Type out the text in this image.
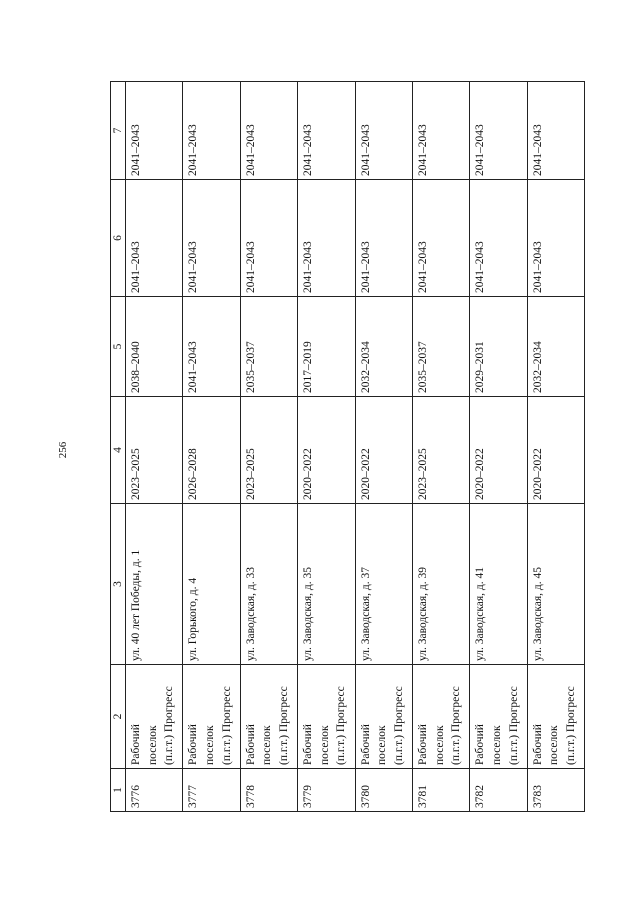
256
1	2	3	4	5	6	7
3776	Рабочий
поселок
(п.г.т.) Прогресс	ул. 40 лет Победы, д. 1	2023–2025	2038–2040	2041–2043	2041–2043
3777	Рабочий
поселок
(п.г.т.) Прогресс	ул. Горького, д. 4	2026–2028	2041–2043	2041–2043	2041–2043
3778	Рабочий
поселок
(п.г.т.) Прогресс	ул. Заводская, д. 33	2023–2025	2035–2037	2041–2043	2041–2043
3779	Рабочий
поселок
(п.г.т.) Прогресс	ул. Заводская, д. 35	2020–2022	2017–2019	2041–2043	2041–2043
3780	Рабочий
поселок
(п.г.т.) Прогресс	ул. Заводская, д. 37	2020–2022	2032–2034	2041–2043	2041–2043
3781	Рабочий
поселок
(п.г.т.) Прогресс	ул. Заводская, д. 39	2023–2025	2035–2037	2041–2043	2041–2043
3782	Рабочий
поселок
(п.г.т.) Прогресс	ул. Заводская, д. 41	2020–2022	2029–2031	2041–2043	2041–2043
3783	Рабочий
поселок
(п.г.т.) Прогресс	ул. Заводская, д. 45	2020–2022	2032–2034	2041–2043	2041–2043
